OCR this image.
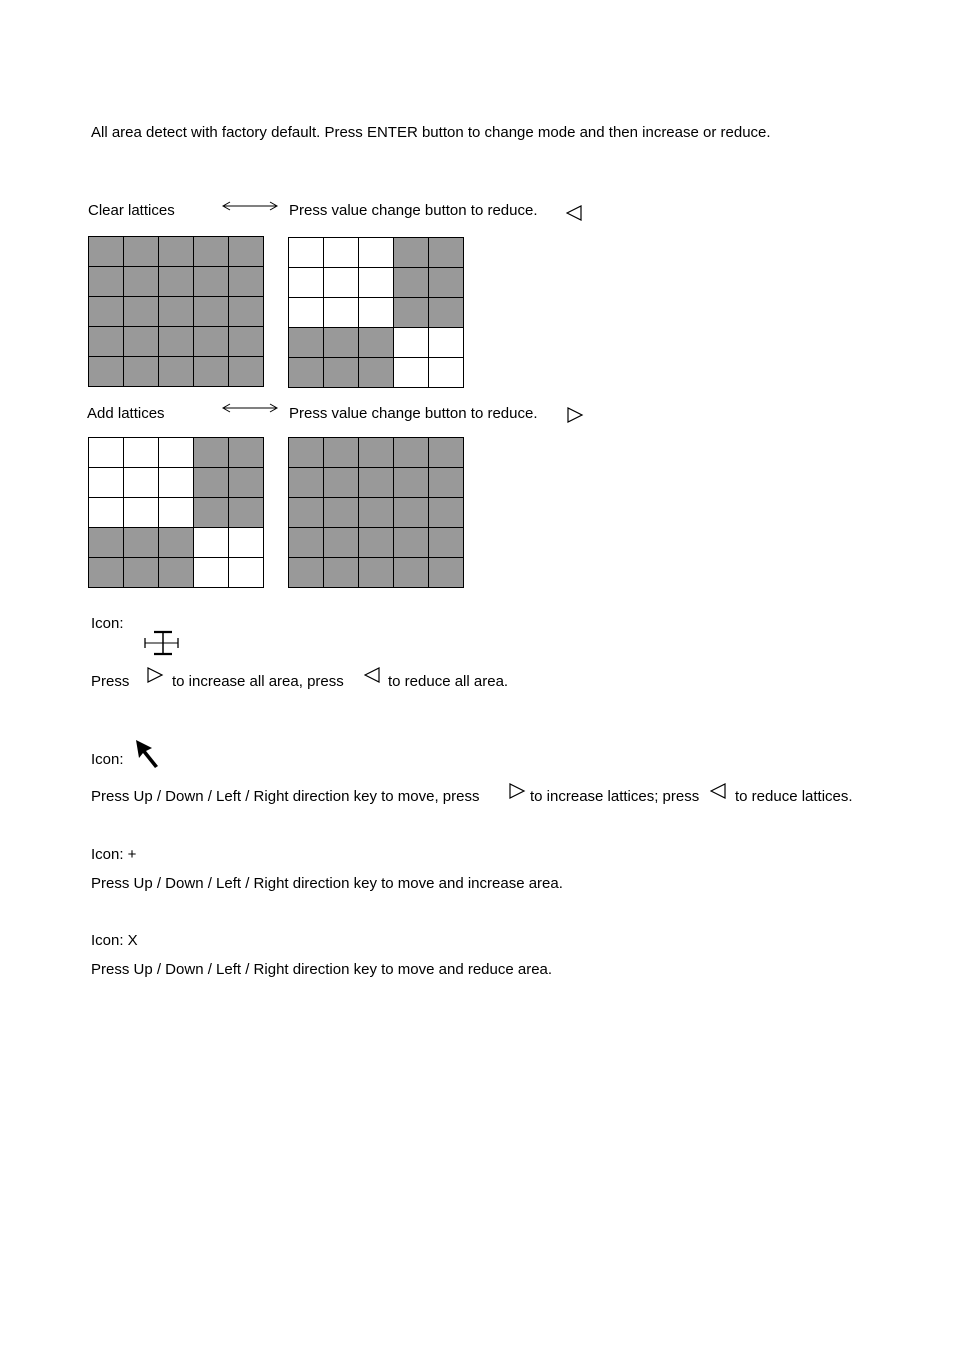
All area detect with factory default. Press ENTER button to change mode and then increase or reduce.
Clear lattices	Press value change button to reduce.
Add lattices	Press value change button to reduce.
Icon:
Press	to increase all area, press	to reduce all area.
Icon:
Press Up / Down / Left / Right direction key to move, press	to increase lattices; press to reduce lattices.
Icon: +
Press Up / Down / Left / Right direction key to move and increase area.
Icon: X
Press Up / Down / Left / Right direction key to move and reduce area.
